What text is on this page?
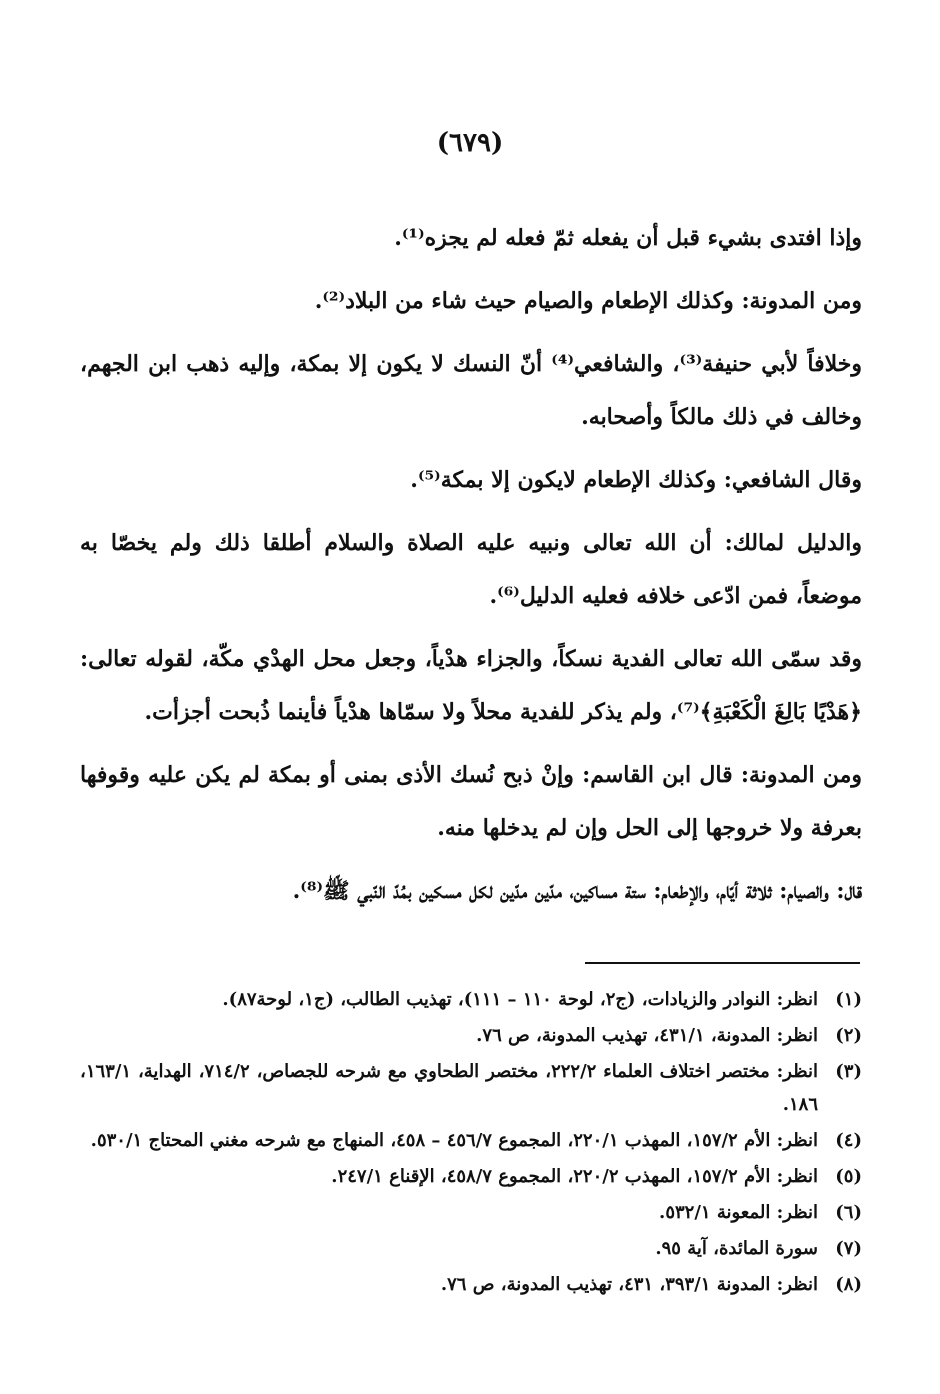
(٦٧٩)

وإذا افتدى بشيء قبل أن يفعله ثمّ فعله لم يجزه⁽¹⁾.

ومن المدونة: وكذلك الإطعام والصيام حيث شاء من البلاد⁽²⁾.

وخلافاً لأبي حنيفة⁽³⁾، والشافعي⁽⁴⁾ أنّ النسك لا يكون إلا بمكة، وإليه ذهب ابن الجهم، وخالف في ذلك مالكاً وأصحابه.

وقال الشافعي: وكذلك الإطعام لايكون إلا بمكة⁽⁵⁾.

والدليل لمالك: أن الله تعالى ونبيه عليه الصلاة والسلام أطلقا ذلك ولم يخصّا به موضعاً، فمن ادّعى خلافه فعليه الدليل⁽⁶⁾.

وقد سمّى الله تعالى الفدية نسكاً، والجزاء هدْياً، وجعل محل الهدْي مكّة، لقوله تعالى: ﴿هَدْيًا بَالِغَ الْكَعْبَةِ﴾⁽⁷⁾، ولم يذكر للفدية محلاً ولا سمّاها هدْياً فأينما ذُبحت أجزأت.

ومن المدونة: قال ابن القاسم: وإنْ ذبح نُسك الأذى بمنى أو بمكة لم يكن عليه وقوفها بعرفة ولا خروجها إلى الحل وإن لم يدخلها منه.

قال: والصيام: ثلاثة أيّام، والإطعام: ستة مساكين، مدّين مدّين لكل مسكين بمُدّ النّبي ﷺ⁽⁸⁾.

(١)
انظر: النوادر والزيادات، (ج٢، لوحة ١١٠ – ١١١)، تهذيب الطالب، (ج١، لوحة٨٧).
(٢)
انظر: المدونة، ٤٣١/١، تهذيب المدونة، ص ٧٦.
(٣)
انظر: مختصر اختلاف العلماء ٢٢٢/٢، مختصر الطحاوي مع شرحه للجصاص، ٧١٤/٢، الهداية، ١٦٣/١، ١٨٦.
(٤)
انظر: الأم ١٥٧/٢، المهذب ٢٢٠/١، المجموع ٤٥٦/٧ – ٤٥٨، المنهاج مع شرحه مغني المحتاج ٥٣٠/١.
(٥)
انظر: الأم ١٥٧/٢، المهذب ٢٢٠/٢، المجموع ٤٥٨/٧، الإقناع ٢٤٧/١.
(٦)
انظر: المعونة ٥٣٢/١.
(٧)
سورة المائدة، آية ٩٥.
(٨)
انظر: المدونة ٣٩٣/١، ٤٣١، تهذيب المدونة، ص ٧٦.
